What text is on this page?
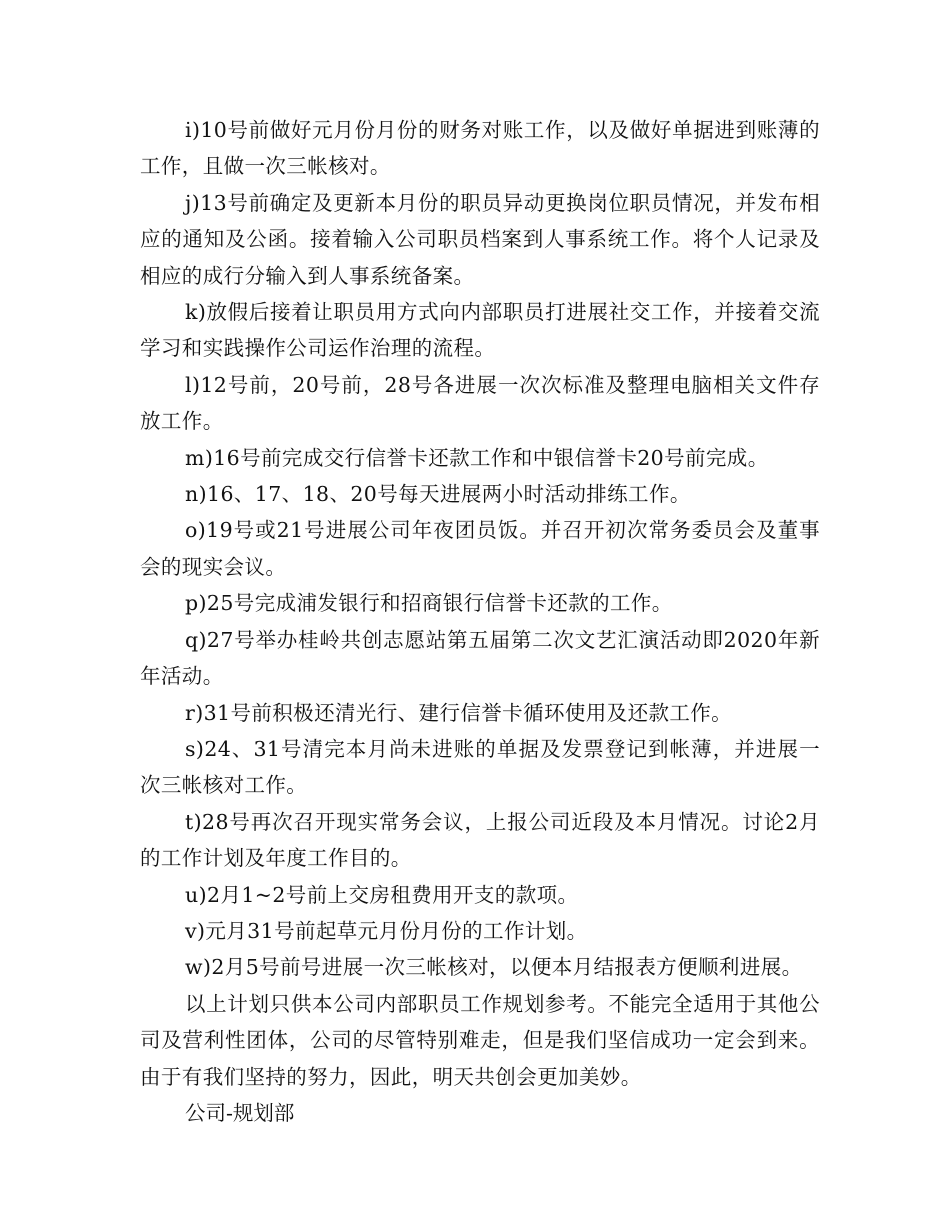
i)10号前做好元月份月份的财务对账工作，以及做好单据进到账薄的工作，且做一次三帐核对。

j)13号前确定及更新本月份的职员异动更换岗位职员情况，并发布相应的通知及公函。接着输入公司职员档案到人事系统工作。将个人记录及相应的成行分输入到人事系统备案。

k)放假后接着让职员用方式向内部职员打进展社交工作，并接着交流学习和实践操作公司运作治理的流程。

l)12号前，20号前，28号各进展一次次标准及整理电脑相关文件存放工作。

m)16号前完成交行信誉卡还款工作和中银信誉卡20号前完成。

n)16、17、18、20号每天进展两小时活动排练工作。

o)19号或21号进展公司年夜团员饭。并召开初次常务委员会及董事会的现实会议。

p)25号完成浦发银行和招商银行信誉卡还款的工作。

q)27号举办桂岭共创志愿站第五届第二次文艺汇演活动即2020年新年活动。

r)31号前积极还清光行、建行信誉卡循环使用及还款工作。

s)24、31号清完本月尚未进账的单据及发票登记到帐薄，并进展一次三帐核对工作。

t)28号再次召开现实常务会议，上报公司近段及本月情况。讨论2月的工作计划及年度工作目的。

u)2月1~2号前上交房租费用开支的款项。

v)元月31号前起草元月份月份的工作计划。

w)2月5号前号进展一次三帐核对，以便本月结报表方便顺利进展。

以上计划只供本公司内部职员工作规划参考。不能完全适用于其他公司及营利性团体，公司的尽管特别难走，但是我们坚信成功一定会到来。由于有我们坚持的努力，因此，明天共创会更加美妙。

公司-规划部
